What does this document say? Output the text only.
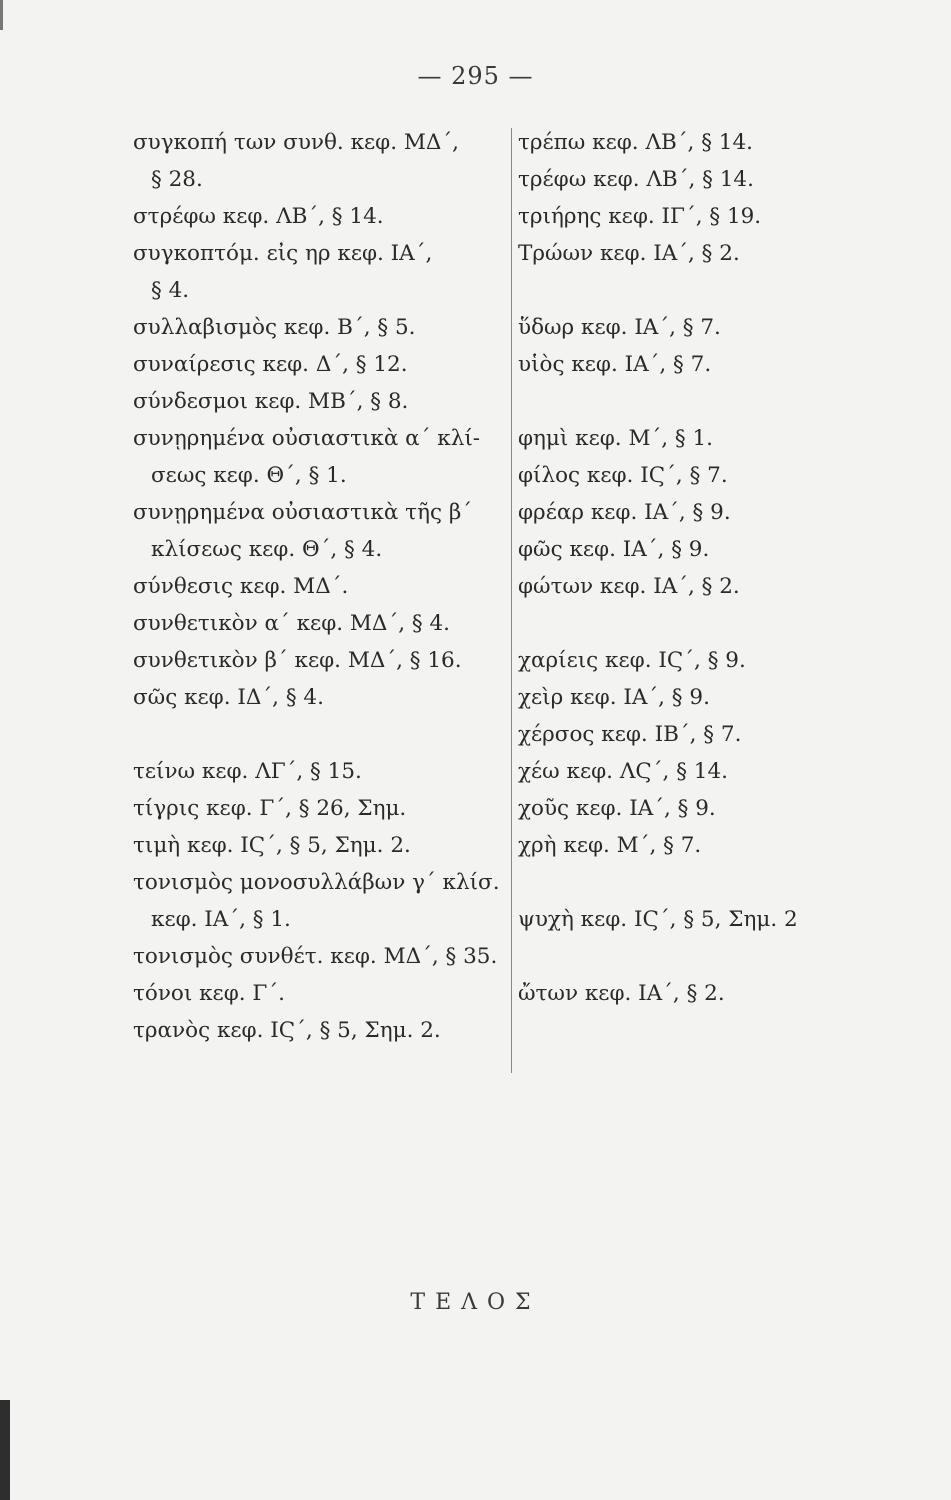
— 295 —
συγκοπή των συνθ. κεφ. ΜΔ΄,
§ 28.
στρέφω κεφ. ΛΒ΄, § 14.
συγκοπτόμ. εἰς ηρ κεφ. ΙΑ΄,
§ 4.
συλλαβισμὸς κεφ. Β΄, § 5.
συναίρεσις κεφ. Δ΄, § 12.
σύνδεσμοι κεφ. ΜΒ΄, § 8.
συνῃρημένα οὐσιαστικὰ α΄ κλί-
σεως κεφ. Θ΄, § 1.
συνῃρημένα οὐσιαστικὰ τῆς β΄
κλίσεως κεφ. Θ΄, § 4.
σύνθεσις κεφ. ΜΔ΄.
συνθετικὸν α΄ κεφ. ΜΔ΄, § 4.
συνθετικὸν β΄ κεφ. ΜΔ΄, § 16.
σῶς κεφ. ΙΔ΄, § 4.
τείνω κεφ. ΛΓ΄, § 15.
τίγρις κεφ. Γ΄, § 26, Σημ.
τιμὴ κεφ. ΙϚ΄, § 5, Σημ. 2.
τονισμὸς μονοσυλλάβων γ΄ κλίσ.
κεφ. ΙΑ΄, § 1.
τονισμὸς συνθέτ. κεφ. ΜΔ΄, § 35.
τόνοι κεφ. Γ΄.
τρανὸς κεφ. ΙϚ΄, § 5, Σημ. 2.
τρέπω κεφ. ΛΒ΄, § 14.
τρέφω κεφ. ΛΒ΄, § 14.
τριήρης κεφ. ΙΓ΄, § 19.
Τρώων κεφ. ΙΑ΄, § 2.
ὕδωρ κεφ. ΙΑ΄, § 7.
υἱὸς κεφ. ΙΑ΄, § 7.
φημὶ κεφ. Μ΄, § 1.
φίλος κεφ. ΙϚ΄, § 7.
φρέαρ κεφ. ΙΑ΄, § 9.
φῶς κεφ. ΙΑ΄, § 9.
φώτων κεφ. ΙΑ΄, § 2.
χαρίεις κεφ. ΙϚ΄, § 9.
χεὶρ κεφ. ΙΑ΄, § 9.
χέρσος κεφ. ΙΒ΄, § 7.
χέω κεφ. ΛϚ΄, § 14.
χοῦς κεφ. ΙΑ΄, § 9.
χρὴ κεφ. Μ΄, § 7.
ψυχὴ κεφ. ΙϚ΄, § 5, Σημ. 2
ὤτων κεφ. ΙΑ΄, § 2.
ΤΕΛΟΣ
